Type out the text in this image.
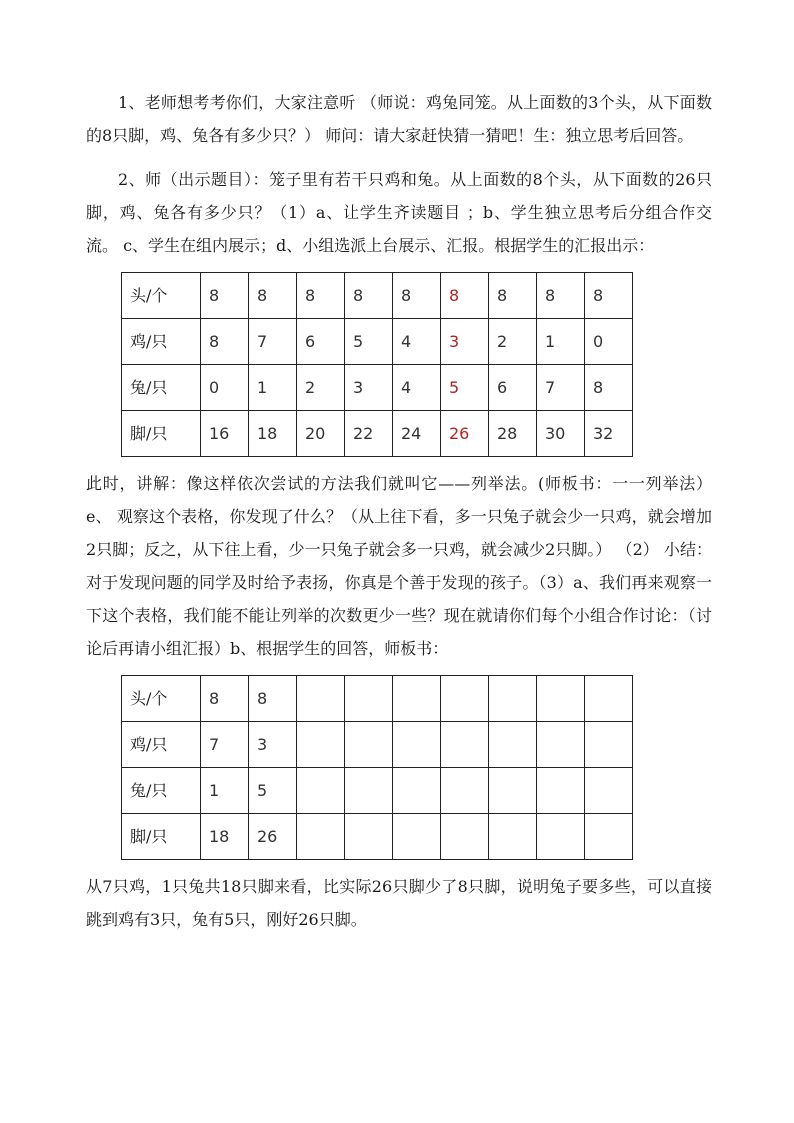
1、老师想考考你们，大家注意听 （师说：鸡兔同笼。从上面数的3个头，从下面数的8只脚，鸡、兔各有多少只？） 师问：请大家赶快猜一猜吧！生：独立思考后回答。

2、师（出示题目）：笼子里有若干只鸡和兔。从上面数的8个头，从下面数的26只脚，鸡、兔各有多少只？（1）a、让学生齐读题目 ；b、学生独立思考后分组合作交流。 c、学生在组内展示；d、小组选派上台展示、汇报。根据学生的汇报出示：

头/个	8	8	8	8	8	8	8	8	8
鸡/只	8	7	6	5	4	3	2	1	0
兔/只	0	1	2	3	4	5	6	7	8
脚/只	16	18	20	22	24	26	28	30	32

此时，讲解：像这样依次尝试的方法我们就叫它——列举法。(师板书：一一列举法） e、 观察这个表格，你发现了什么？（从上往下看，多一只兔子就会少一只鸡，就会增加2只脚；反之，从下往上看，少一只兔子就会多一只鸡，就会减少2只脚。） （2） 小结：对于发现问题的同学及时给予表扬，你真是个善于发现的孩子。（3）a、我们再来观察一下这个表格，我们能不能让列举的次数更少一些？现在就请你们每个小组合作讨论：（讨论后再请小组汇报）b、根据学生的回答，师板书：

头/个	8	8							
鸡/只	7	3							
兔/只	1	5							
脚/只	18	26							

从7只鸡，1只兔共18只脚来看，比实际26只脚少了8只脚，说明兔子要多些，可以直接跳到鸡有3只，兔有5只，刚好26只脚。
